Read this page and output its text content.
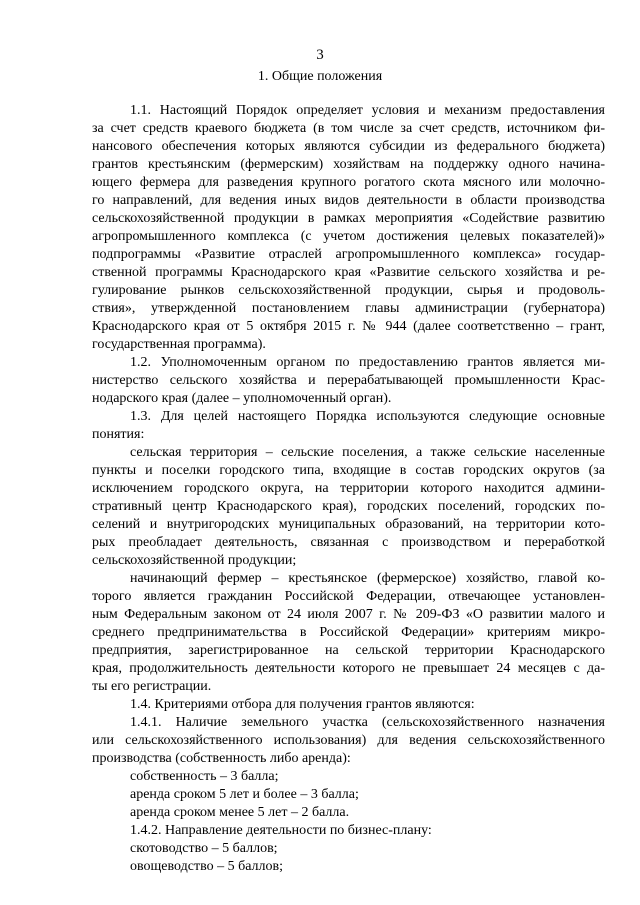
3
1. Общие положения
1.1. Настоящий Порядок определяет условия и механизм предоставления
за счет средств краевого бюджета (в том числе за счет средств, источником фи-
нансового обеспечения которых являются субсидии из федерального бюджета)
грантов крестьянским (фермерским) хозяйствам на поддержку одного начина-
ющего фермера для разведения крупного рогатого скота мясного или молочно-
го направлений, для ведения иных видов деятельности в области производства
сельскохозяйственной продукции в рамках мероприятия «Содействие развитию
агропромышленного комплекса (с учетом достижения целевых показателей)»
подпрограммы «Развитие отраслей агропромышленного комплекса» государ-
ственной программы Краснодарского края «Развитие сельского хозяйства и ре-
гулирование рынков сельскохозяйственной продукции, сырья и продоволь-
ствия», утвержденной постановлением главы администрации (губернатора)
Краснодарского края от 5 октября 2015 г. № 944 (далее соответственно – грант,
государственная программа).
1.2. Уполномоченным органом по предоставлению грантов является ми-
нистерство сельского хозяйства и перерабатывающей промышленности Крас-
нодарского края (далее – уполномоченный орган).
1.3. Для целей настоящего Порядка используются следующие основные
понятия:
сельская территория – сельские поселения, а также сельские населенные
пункты и поселки городского типа, входящие в состав городских округов (за
исключением городского округа, на территории которого находится админи-
стративный центр Краснодарского края), городских поселений, городских по-
селений и внутригородских муниципальных образований, на территории кото-
рых преобладает деятельность, связанная с производством и переработкой
сельскохозяйственной продукции;
начинающий фермер – крестьянское (фермерское) хозяйство, главой ко-
торого является гражданин Российской Федерации, отвечающее установлен-
ным Федеральным законом от 24 июля 2007 г. № 209-ФЗ «О развитии малого и
среднего предпринимательства в Российской Федерации» критериям микро-
предприятия, зарегистрированное на сельской территории Краснодарского
края, продолжительность деятельности которого не превышает 24 месяцев с да-
ты его регистрации.
1.4. Критериями отбора для получения грантов являются:
1.4.1. Наличие земельного участка (сельскохозяйственного назначения
или сельскохозяйственного использования) для ведения сельскохозяйственного
производства (собственность либо аренда):
собственность – 3 балла;
аренда сроком 5 лет и более – 3 балла;
аренда сроком менее 5 лет – 2 балла.
1.4.2. Направление деятельности по бизнес-плану:
скотоводство – 5 баллов;
овощеводство – 5 баллов;
